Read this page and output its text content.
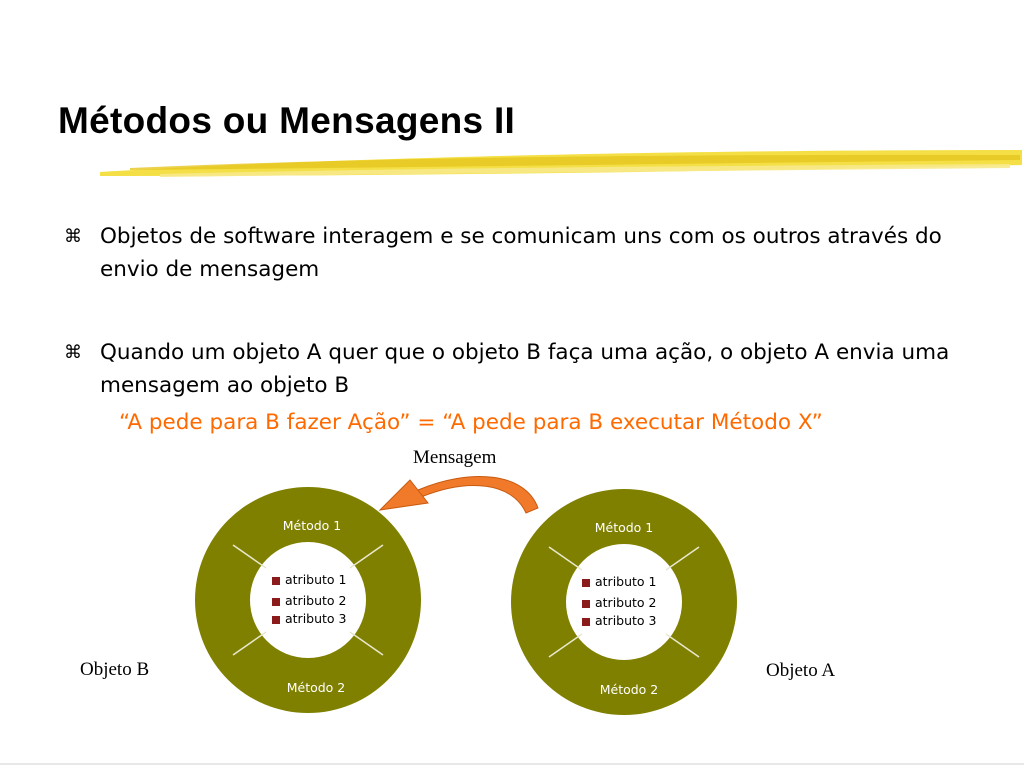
Métodos ou Mensagens II
⌘ Objetos de software interagem e se comunicam uns com os outros através do envio de mensagem
⌘ Quando um objeto A quer que o objeto B faça uma ação, o objeto A envia uma mensagem ao objeto B
“A pede para B fazer Ação” = “A pede para B executar Método X”
Método 1
Método 2
atributo 1
atributo 2
atributo 3
Método 1
Método 2
atributo 1
atributo 2
atributo 3
Mensagem
Objeto B	Objeto A
